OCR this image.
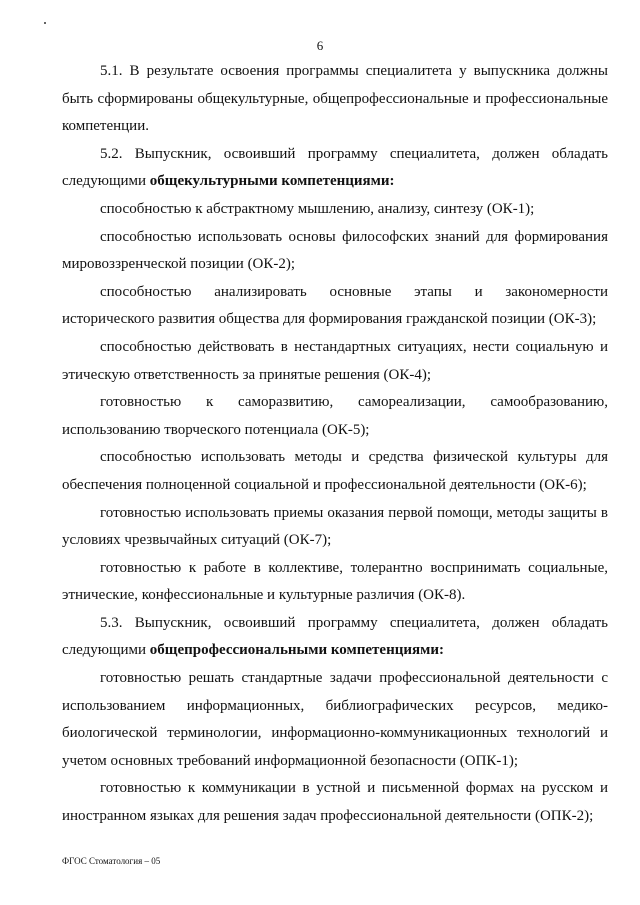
6

5.1. В результате освоения программы специалитета у выпускника должны быть сформированы общекультурные, общепрофессиональные и профессиональные компетенции.

5.2. Выпускник, освоивший программу специалитета, должен обладать следующими общекультурными компетенциями:

способностью к абстрактному мышлению, анализу, синтезу (ОК-1);

способностью использовать основы философских знаний для формирования мировоззренческой позиции (ОК-2);

способностью анализировать основные этапы и закономерности исторического развития общества для формирования гражданской позиции (ОК-3);

способностью действовать в нестандартных ситуациях, нести социальную и этическую ответственность за принятые решения (ОК-4);

готовностью к саморазвитию, самореализации, самообразованию, использованию творческого потенциала (ОК-5);

способностью использовать методы и средства физической культуры для обеспечения полноценной социальной и профессиональной деятельности (ОК-6);

готовностью использовать приемы оказания первой помощи, методы защиты в условиях чрезвычайных ситуаций (ОК-7);

готовностью к работе в коллективе, толерантно воспринимать социальные, этнические, конфессиональные и культурные различия (ОК-8).

5.3. Выпускник, освоивший программу специалитета, должен обладать следующими общепрофессиональными компетенциями:

готовностью решать стандартные задачи профессиональной деятельности с использованием информационных, библиографических ресурсов, медико-биологической терминологии, информационно-коммуникационных технологий и учетом основных требований информационной безопасности (ОПК-1);

готовностью к коммуникации в устной и письменной формах на русском и иностранном языках для решения задач профессиональной деятельности (ОПК-2);

ФГОС Стоматология – 05
